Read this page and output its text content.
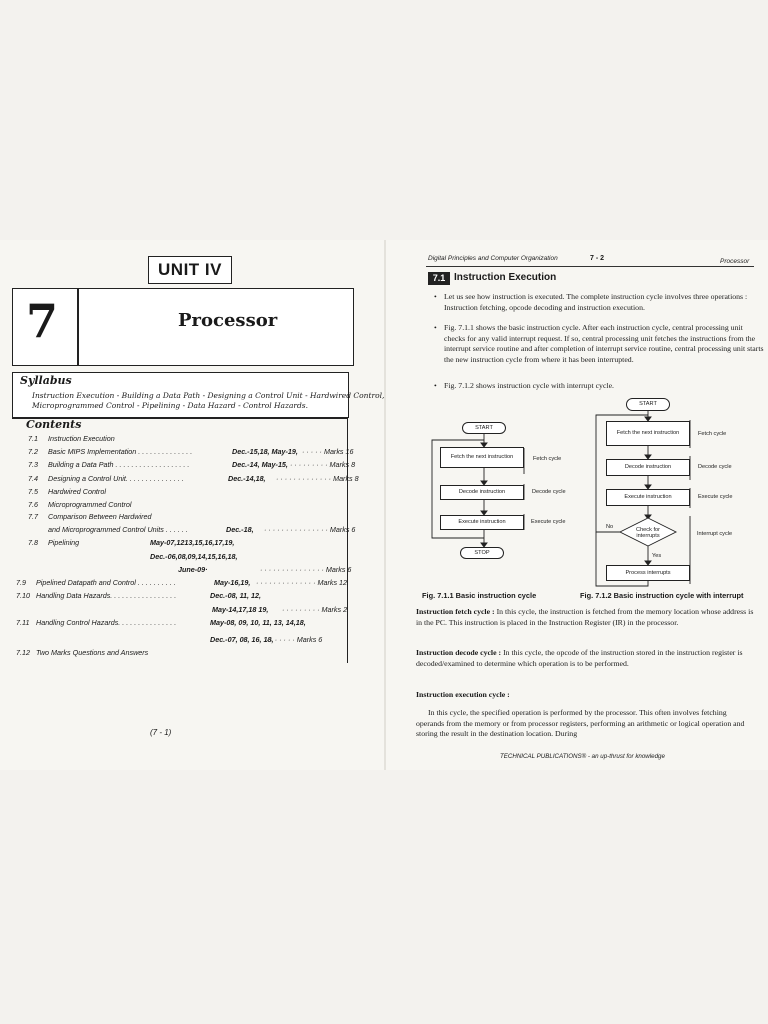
UNIT IV
7	Processor
Syllabus
Instruction Execution - Building a Data Path - Designing a Control Unit - Hardwired Control,
Microprogrammed Control - Pipelining - Data Hazard - Control Hazards.
Contents
7.1 Instruction Execution
7.2 Basic MIPS Implementation . . . . . . . . . . . . . .	Dec.-15,18, May-19, · · · · · Marks 16
7.3 Building a Data Path . . . . . . . . . . . . . . . . . . .	Dec.-14, May-15, · · · · · · · · · Marks 8
7.4 Designing a Control Unit. . . . . . . . . . . . . . .	Dec.-14,18, · · · · · · · · · · · · · Marks 8
7.5 Hardwired Control
7.6 Microprogrammed Control
7.7 Comparison Between Hardwired
and Microprogrammed Control Units . . . . . .	Dec.-18, · · · · · · · · · · · · · · · Marks 6
7.8 Pipelining	May-07,1213,15,16,17,19,
Dec.-06,08,09,14,15,16,18,
June-09·	· · · · · · · · · · · · · · · Marks 6
7.9 Pipelined Datapath and Control . . . . . . . . . .	May-16,19, · · · · · · · · · · · · · · Marks 12
7.10 Handling Data Hazards. . . . . . . . . . . . . . . . .	Dec.-08, 11, 12,
May-14,17,18 19, · · · · · · · · · Marks 2
7.11 Handling Control Hazards. . . . . . . . . . . . . . .	May-08, 09, 10, 11, 13, 14,18,
Dec.-07, 08, 16, 18,
· · · · · · · Marks 6
7.12 Two Marks Questions and Answers
(7 - 1)
Digital Principles and Computer Organization	7 - 2	Processor
7.1 Instruction Execution
• Let us see how instruction is executed. The complete instruction cycle involves three operations : Instruction fetching, opcode decoding and instruction execution.
• Fig. 7.1.1 shows the basic instruction cycle. After each instruction cycle, central processing unit checks for any valid interrupt request. If so, central processing unit fetches the instructions from the interrupt service routine and after completion of interrupt service routine, central processing unit starts the new instruction cycle from where it has been interrupted.
• Fig. 7.1.2 shows instruction cycle with interrupt cycle.
START
Fetch the next instruction
Decode instruction
Execute instruction
STOP
Fetch cycle
Decode cycle
Execute cycle
START
Fetch the next instruction
Decode instruction
Execute instruction
Check for interrupts
Process interrupts
No
Yes
Fetch cycle
Decode cycle
Execute cycle
Interrupt cycle
Fig. 7.1.1 Basic instruction cycle	Fig. 7.1.2 Basic instruction cycle with interrupt
Instruction fetch cycle : In this cycle, the instruction is fetched from the memory location whose address is in the PC. This instruction is placed in the Instruction Register (IR) in the processor.
Instruction decode cycle : In this cycle, the opcode of the instruction stored in the instruction register is decoded/examined to determine which operation is to be performed.
Instruction execution cycle :
In this cycle, the specified operation is performed by the processor. This often involves fetching operands from the memory or from processor registers, performing an arithmetic or logical operation and storing the result in the destination location. During
TECHNICAL PUBLICATIONS® - an up-thrust for knowledge
